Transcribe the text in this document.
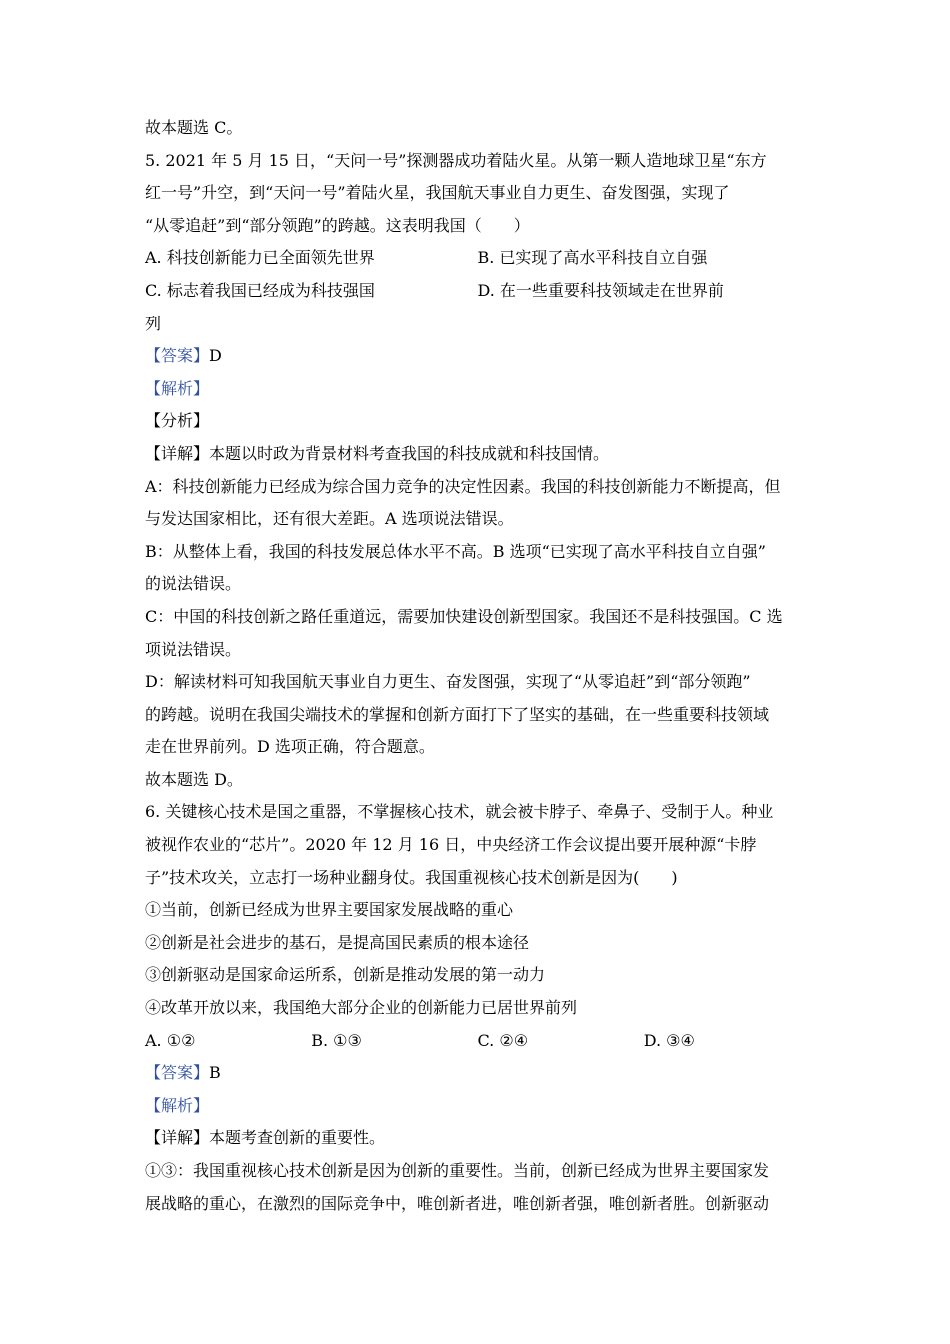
故本题选 C。
5. 2021 年 5 月 15 日，“天问一号”探测器成功着陆火星。从第一颗人造地球卫星“东方
红一号”升空，到“天问一号”着陆火星，我国航天事业自力更生、奋发图强，实现了
“从零追赶”到“部分领跑”的跨越。这表明我国（　　）
A. 科技创新能力已全面领先世界	B. 已实现了高水平科技自立自强
C. 标志着我国已经成为科技强国	D. 在一些重要科技领域走在世界前
列
【答案】D
【解析】
【分析】
【详解】本题以时政为背景材料考查我国的科技成就和科技国情。
A：科技创新能力已经成为综合国力竞争的决定性因素。我国的科技创新能力不断提高，但
与发达国家相比，还有很大差距。A 选项说法错误。
B：从整体上看，我国的科技发展总体水平不高。B 选项“已实现了高水平科技自立自强”
的说法错误。
C：中国的科技创新之路任重道远，需要加快建设创新型国家。我国还不是科技强国。C 选
项说法错误。
D：解读材料可知我国航天事业自力更生、奋发图强，实现了“从零追赶”到“部分领跑”
的跨越。说明在我国尖端技术的掌握和创新方面打下了坚实的基础，在一些重要科技领域
走在世界前列。D 选项正确，符合题意。
故本题选 D。
6. 关键核心技术是国之重器，不掌握核心技术，就会被卡脖子、牵鼻子、受制于人。种业
被视作农业的“芯片”。2020 年 12 月 16 日，中央经济工作会议提出要开展种源“卡脖
子”技术攻关，立志打一场种业翻身仗。我国重视核心技术创新是因为(　　)
①当前，创新已经成为世界主要国家发展战略的重心
②创新是社会进步的基石，是提高国民素质的根本途径
③创新驱动是国家命运所系，创新是推动发展的第一动力
④改革开放以来，我国绝大部分企业的创新能力已居世界前列
A. ①②	B. ①③	C. ②④	D. ③④
【答案】B
【解析】
【详解】本题考查创新的重要性。
①③：我国重视核心技术创新是因为创新的重要性。当前，创新已经成为世界主要国家发
展战略的重心，在激烈的国际竞争中，唯创新者进，唯创新者强，唯创新者胜。创新驱动
